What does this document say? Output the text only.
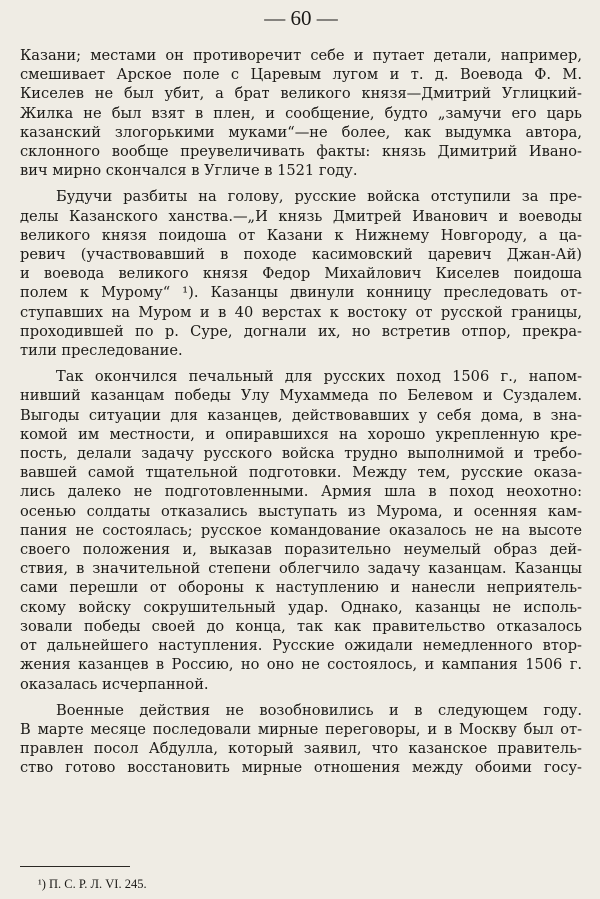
— 60 —
Казани; местами он противоречит себе и путает детали, например,
смешивает Арское поле с Царевым лугом и т. д. Воевода Ф. М.
Киселев не был убит, а брат великого князя—Дмитрий Углицкий-
Жилка не был взят в плен, и сообщение, будто „замучи его царь
казанский злогорькими муками“—не более, как выдумка автора,
склонного вообще преувеличивать факты: князь Димитрий Ивано-
вич мирно скончался в Угличе в 1521 году.
Будучи разбиты на голову, русские войска отступили за пре-
делы Казанского ханства.—„И князь Дмитрей Иванович и воеводы
великого князя поидоша от Казани к Нижнему Новгороду, а ца-
ревич (участвовавший в походе касимовский царевич Джан-Ай)
и воевода великого князя Федор Михайлович Киселев поидоша
полем к Мурому“ ¹). Казанцы двинули конницу преследовать от-
ступавших на Муром и в 40 верстах к востоку от русской границы,
проходившей по р. Суре, догнали их, но встретив отпор, прекра-
тили преследование.
Так окончился печальный для русских поход 1506 г., напом-
нивший казанцам победы Улу Мухаммеда по Белевом и Суздалем.
Выгоды ситуации для казанцев, действовавших у себя дома, в зна-
комой им местности, и опиравшихся на хорошо укрепленную кре-
пость, делали задачу русского войска трудно выполнимой и требо-
вавшей самой тщательной подготовки. Между тем, русские оказа-
лись далеко не подготовленными. Армия шла в поход неохотно:
осенью солдаты отказались выступать из Мурома, и осенняя кам-
пания не состоялась; русское командование оказалось не на высоте
своего положения и, выказав поразительно неумелый образ дей-
ствия, в значительной степени облегчило задачу казанцам. Казанцы
сами перешли от обороны к наступлению и нанесли неприятель-
скому войску сокрушительный удар. Однако, казанцы не исполь-
зовали победы своей до конца, так как правительство отказалось
от дальнейшего наступления. Русские ожидали немедленного втор-
жения казанцев в Россию, но оно не состоялось, и кампания 1506 г.
оказалась исчерпанной.
Военные действия не возобновились и в следующем году.
В марте месяце последовали мирные переговоры, и в Москву был от-
правлен посол Абдулла, который заявил, что казанское правитель-
ство готово восстановить мирные отношения между обоими госу-
¹) П. С. Р. Л. VI. 245.
